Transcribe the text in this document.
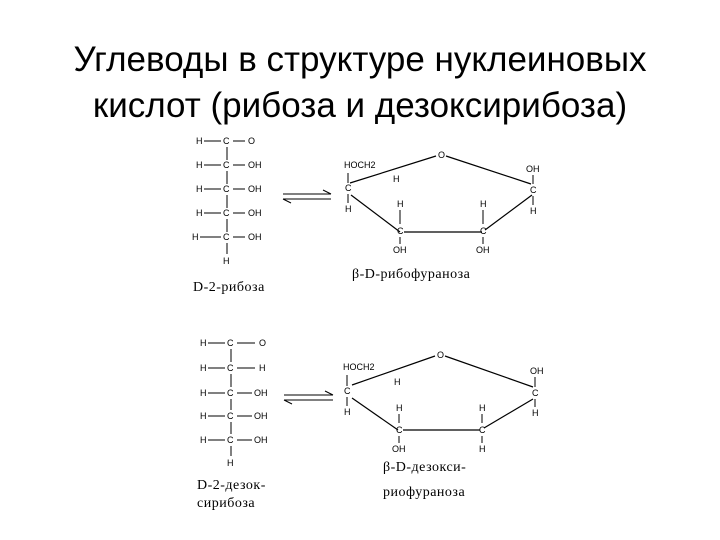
Углеводы в структуре нуклеиновых
кислот (рибоза и дезоксирибоза)
H C O
H C OH
H C OH
H C OH
H	C OH
H
D-2-рибоза
O
HOCH2
H
C
H	H
C
OH
H
C
OH
OH
C
H
β-D-рибофураноза
H C	O
H C	H
H C OH
H C OH
H C OH
H
D-2-дезок-
сирибоза
O
HOCH2
H
C
H	H
C
OH
H
C
H
OH
C
H
β-D-дезокси-
риофураноза
